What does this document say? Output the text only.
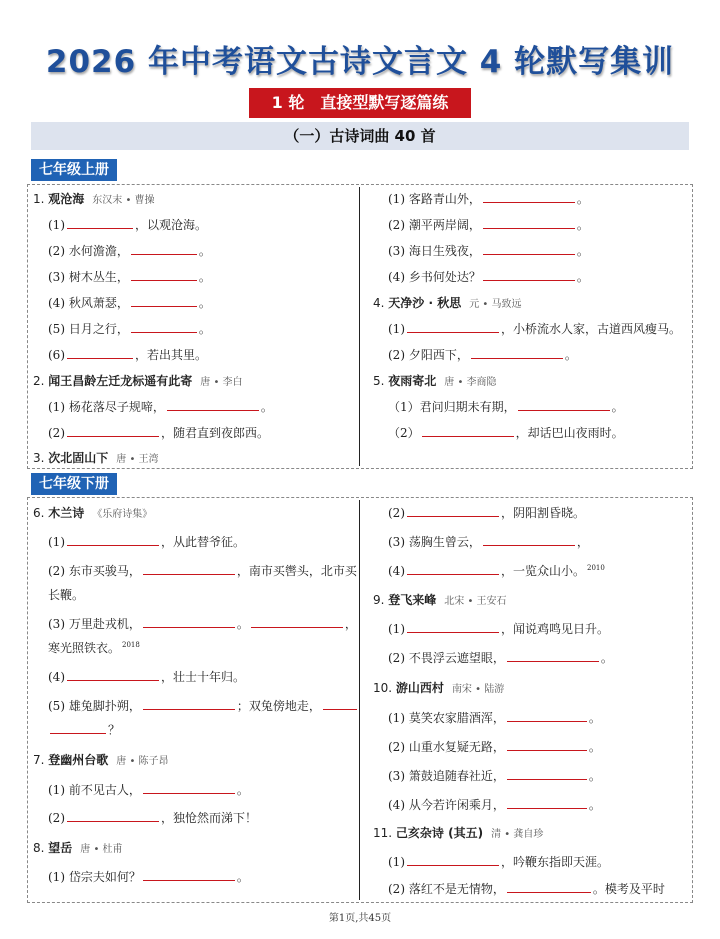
2026 年中考语文古诗文言文 4 轮默写集训
1 轮 直接型默写逐篇练
（一）古诗词曲 40 首
七年级上册
1. 观沧海 东汉末 • 曹操
(1)	，以观沧海。
(2) 水何澹澹，	。
(3) 树木丛生，	。
(4) 秋风萧瑟，	。
(5) 日月之行，	。
(6)	，若出其里。
2. 闻王昌龄左迁龙标遥有此寄 唐 • 李白
(1) 杨花落尽子规啼，	。
(2)	，随君直到夜郎西。
3. 次北固山下 唐 • 王湾
(1) 客路青山外，	。
(2) 潮平两岸阔，	。
(3) 海日生残夜，	。
(4) 乡书何处达？	。
4. 天净沙 · 秋思 元 • 马致远
(1)	，小桥流水人家，古道西风瘦马。
(2) 夕阳西下，	。
5. 夜雨寄北 唐 • 李商隐
（1）君问归期未有期，	。
（2）	，却话巴山夜雨时。
七年级下册
6. 木兰诗 《乐府诗集》
(1)	，从此替爷征。
(2) 东市买骏马，	，南市买辔头，北市买
长鞭。
(3) 万里赴戎机，	。	，
寒光照铁衣。 $^{2018}$
(4)	，壮士十年归。
(5) 雄兔脚扑朔，	；双兔傍地走，
？
7. 登幽州台歌 唐 • 陈子昂
(1) 前不见古人，	。
(2)	，独怆然而涕下！
8. 望岳 唐 • 杜甫
(1) 岱宗夫如何？	。
(2)	，阴阳割昏晓。
(3) 荡胸生曾云，	，
(4)	，一览众山小。 $^{2010}$
9. 登飞来峰 北宋 • 王安石
(1)	，闻说鸡鸣见日升。
(2) 不畏浮云遮望眼，	。
10. 游山西村 南宋 • 陆游
(1) 莫笑农家腊酒浑，	。
(2) 山重水复疑无路，	。
(3) 箫鼓追随春社近，	。
(4) 从今若许闲乘月，	。
11. 己亥杂诗 (其五) 清 • 龚自珍
(1)	，吟鞭东指即天涯。
(2) 落红不是无情物，	。模考及平时
第1页,共45页
